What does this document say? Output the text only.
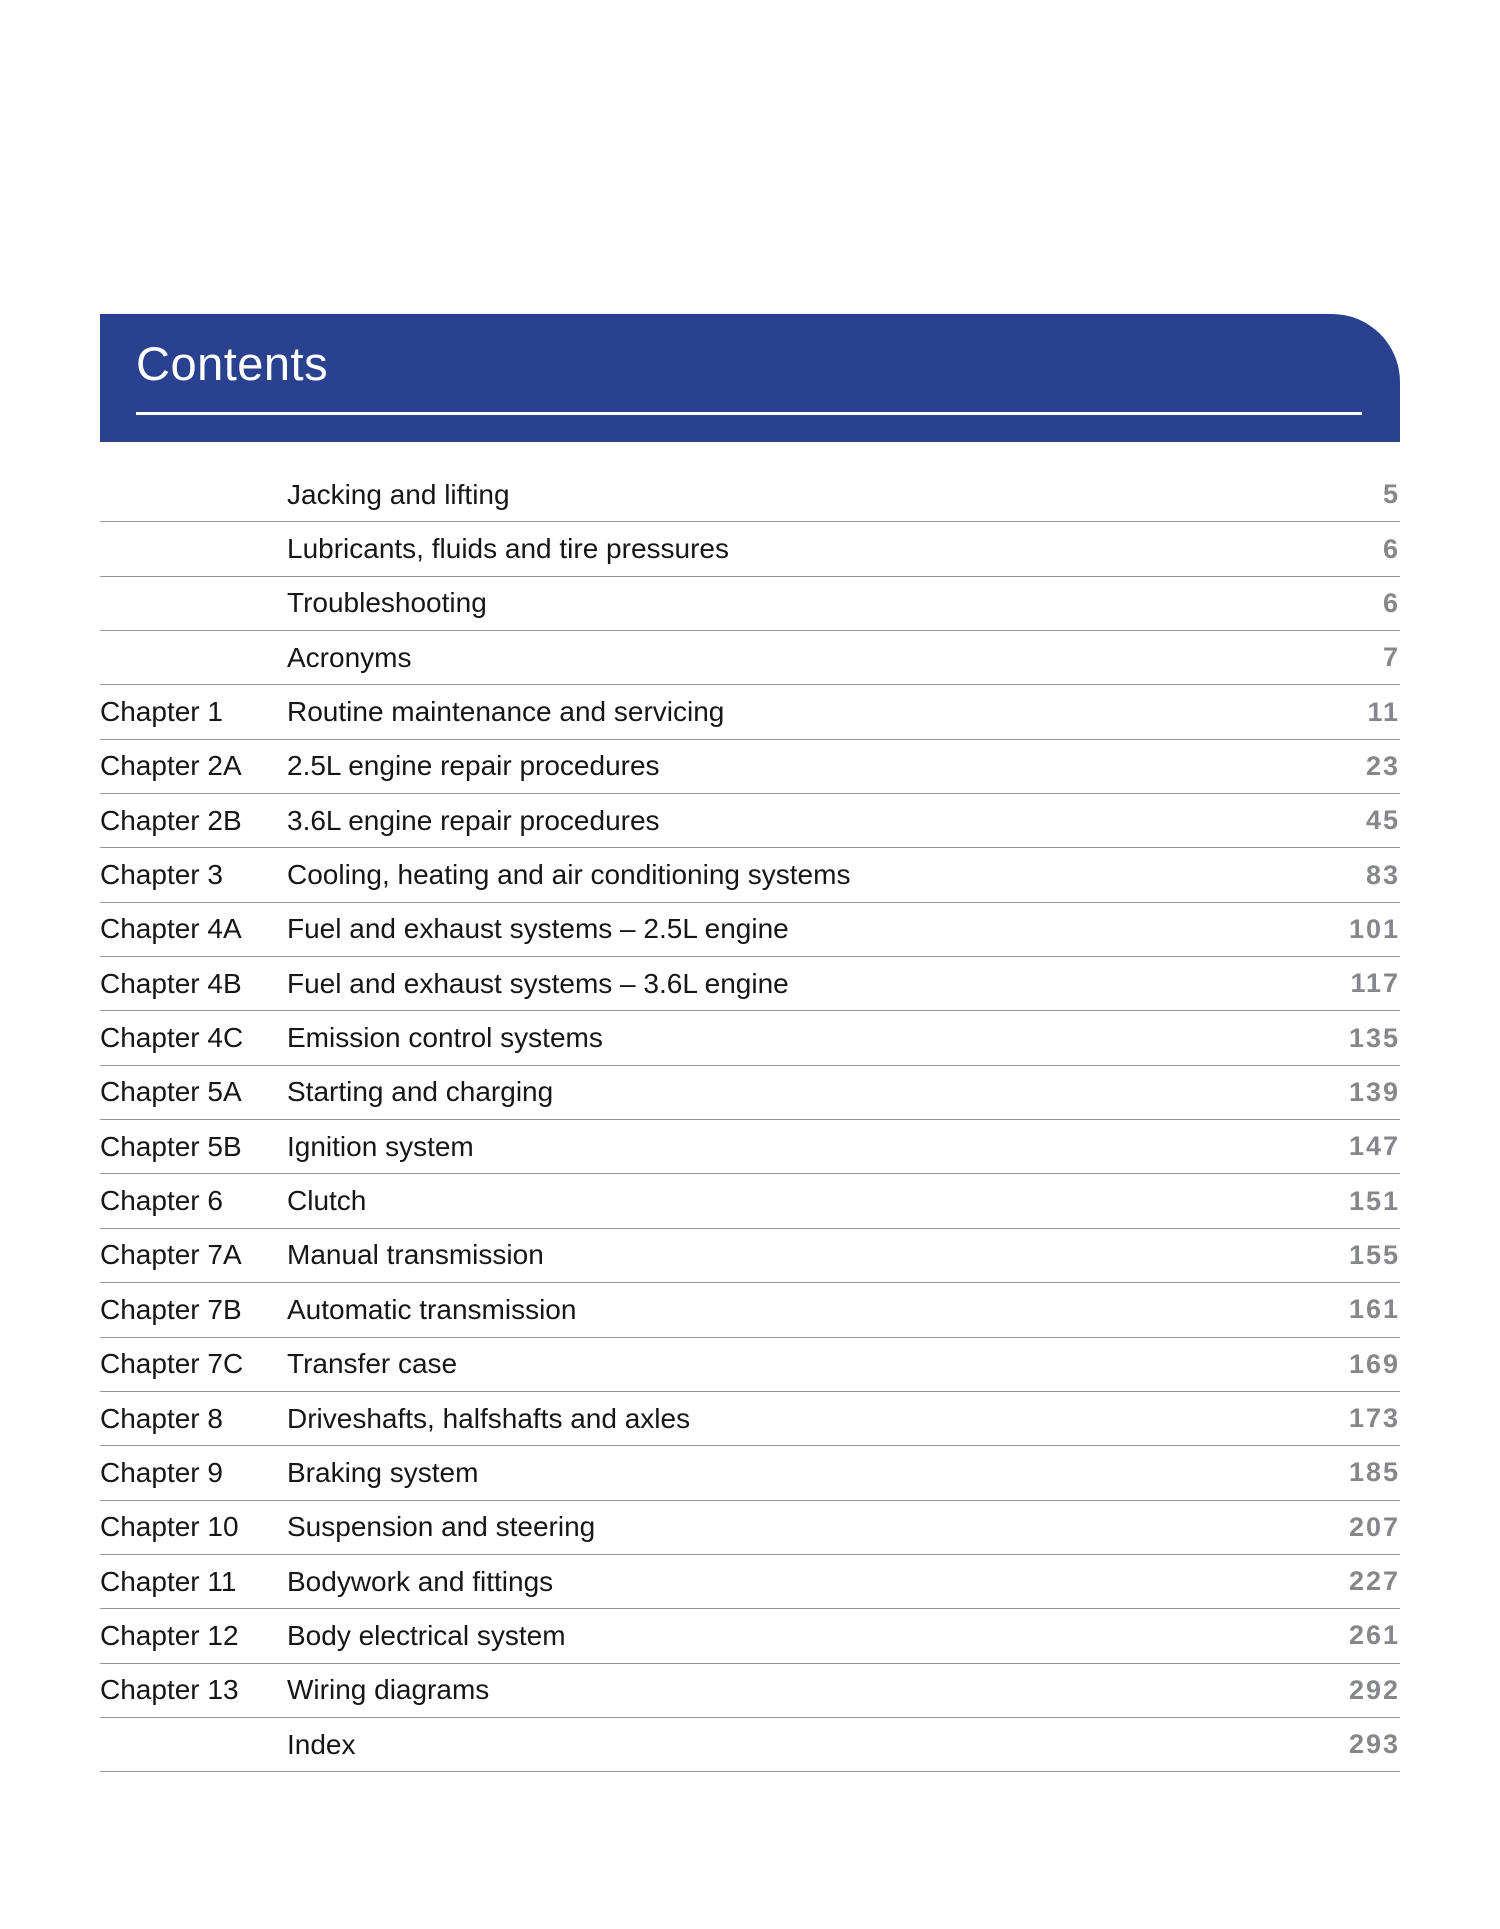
Contents
Jacking and lifting	5
Lubricants, fluids and tire pressures	6
Troubleshooting	6
Acronyms	7
Chapter 1	Routine maintenance and servicing	11
Chapter 2A	2.5L engine repair procedures	23
Chapter 2B	3.6L engine repair procedures	45
Chapter 3	Cooling, heating and air conditioning systems	83
Chapter 4A	Fuel and exhaust systems – 2.5L engine	101
Chapter 4B	Fuel and exhaust systems – 3.6L engine	117
Chapter 4C	Emission control systems	135
Chapter 5A	Starting and charging	139
Chapter 5B	Ignition system	147
Chapter 6	Clutch	151
Chapter 7A	Manual transmission	155
Chapter 7B	Automatic transmission	161
Chapter 7C	Transfer case	169
Chapter 8	Driveshafts, halfshafts and axles	173
Chapter 9	Braking system	185
Chapter 10	Suspension and steering	207
Chapter 11	Bodywork and fittings	227
Chapter 12	Body electrical system	261
Chapter 13	Wiring diagrams	292
Index	293
